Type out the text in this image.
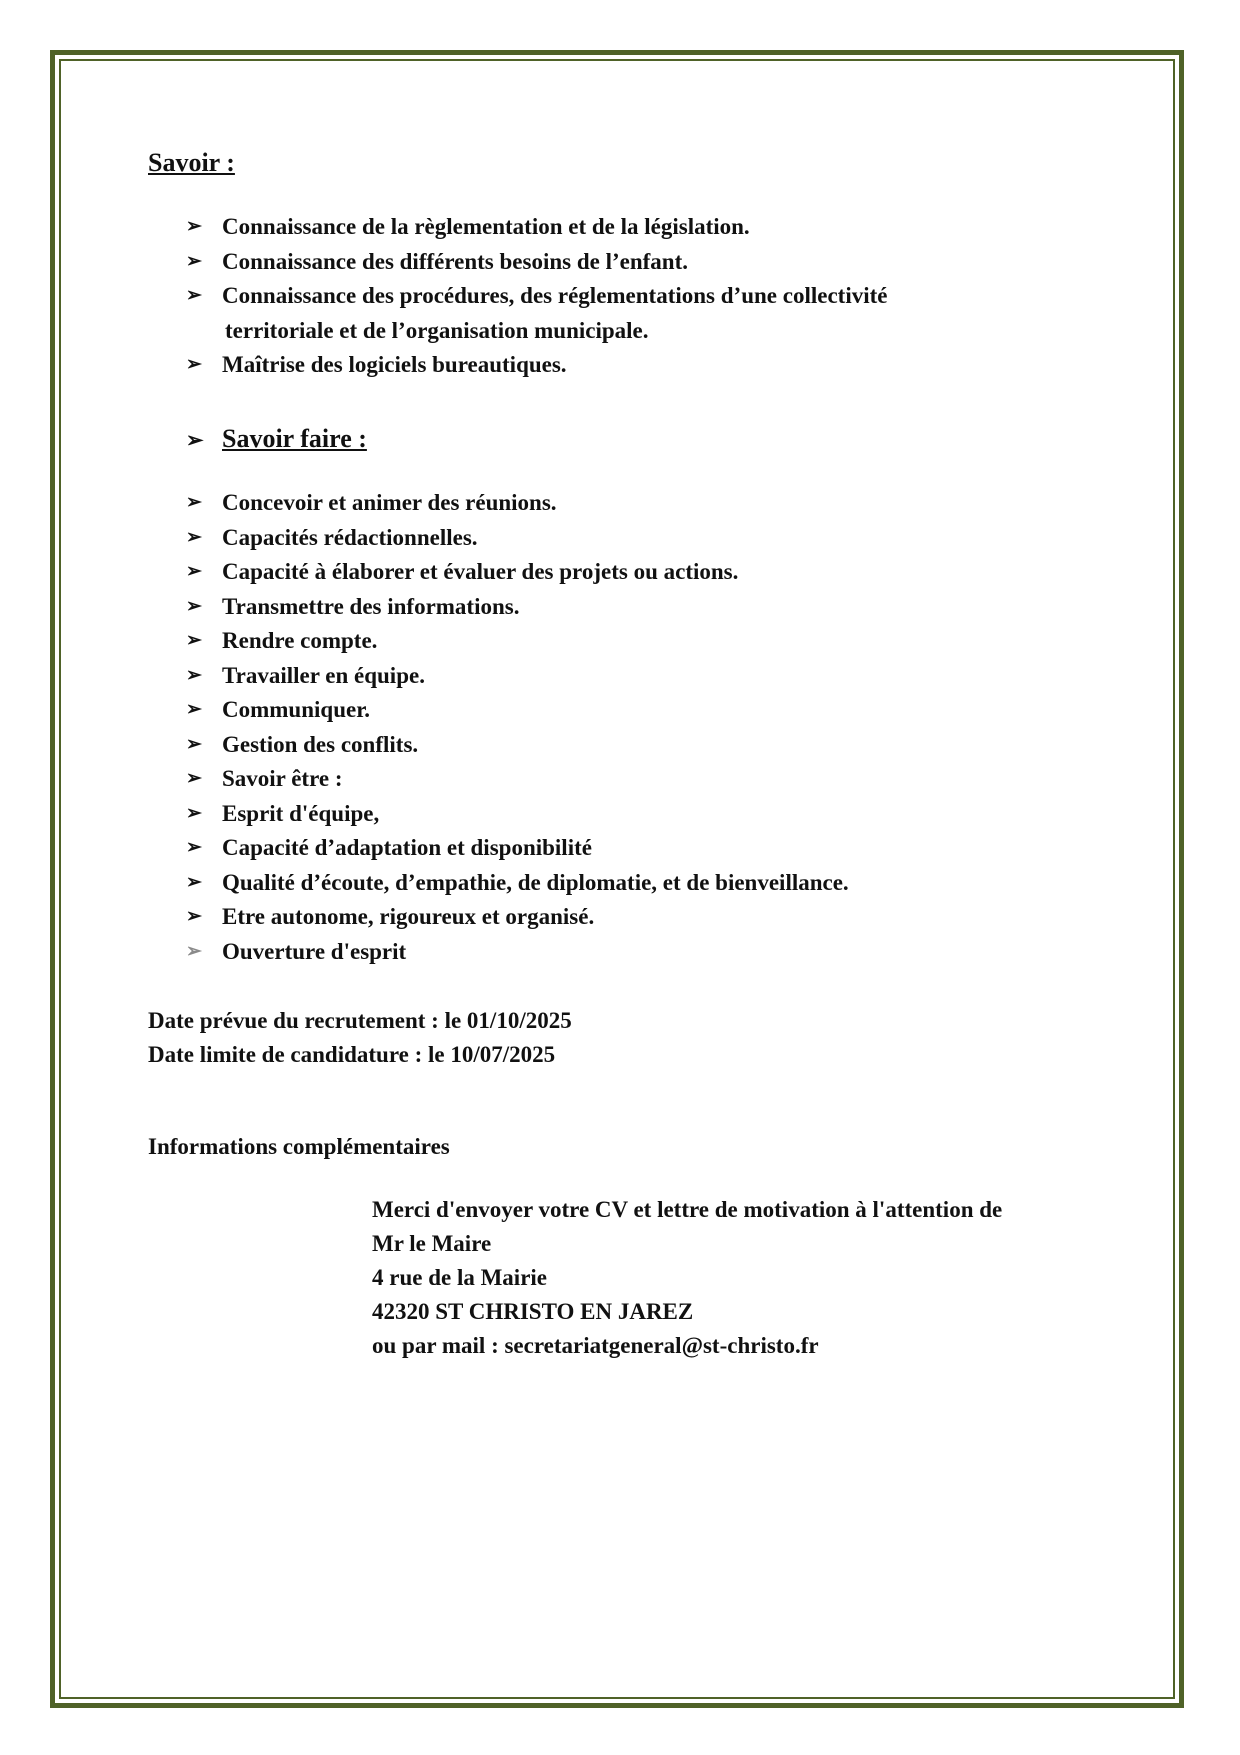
Savoir :
➢ Connaissance de la règlementation et de la législation.
➢ Connaissance des différents besoins de l’enfant.
➢ Connaissance des procédures, des réglementations d’une collectivité
territoriale et de l’organisation municipale.
➢ Maîtrise des logiciels bureautiques.
➢ Savoir faire :
➢ Concevoir et animer des réunions.
➢ Capacités rédactionnelles.
➢ Capacité à élaborer et évaluer des projets ou actions.
➢ Transmettre des informations.
➢ Rendre compte.
➢ Travailler en équipe.
➢ Communiquer.
➢ Gestion des conflits.
➢ Savoir être :
➢ Esprit d'équipe,
➢ Capacité d’adaptation et disponibilité
➢ Qualité d’écoute, d’empathie, de diplomatie, et de bienveillance.
➢ Etre autonome, rigoureux et organisé.
➢ Ouverture d'esprit
Date prévue du recrutement : le 01/10/2025
Date limite de candidature : le 10/07/2025
Informations complémentaires
Merci d'envoyer votre CV et lettre de motivation à l'attention de
Mr le Maire
4 rue de la Mairie
42320 ST CHRISTO EN JAREZ
ou par mail : secretariatgeneral@st-christo.fr
